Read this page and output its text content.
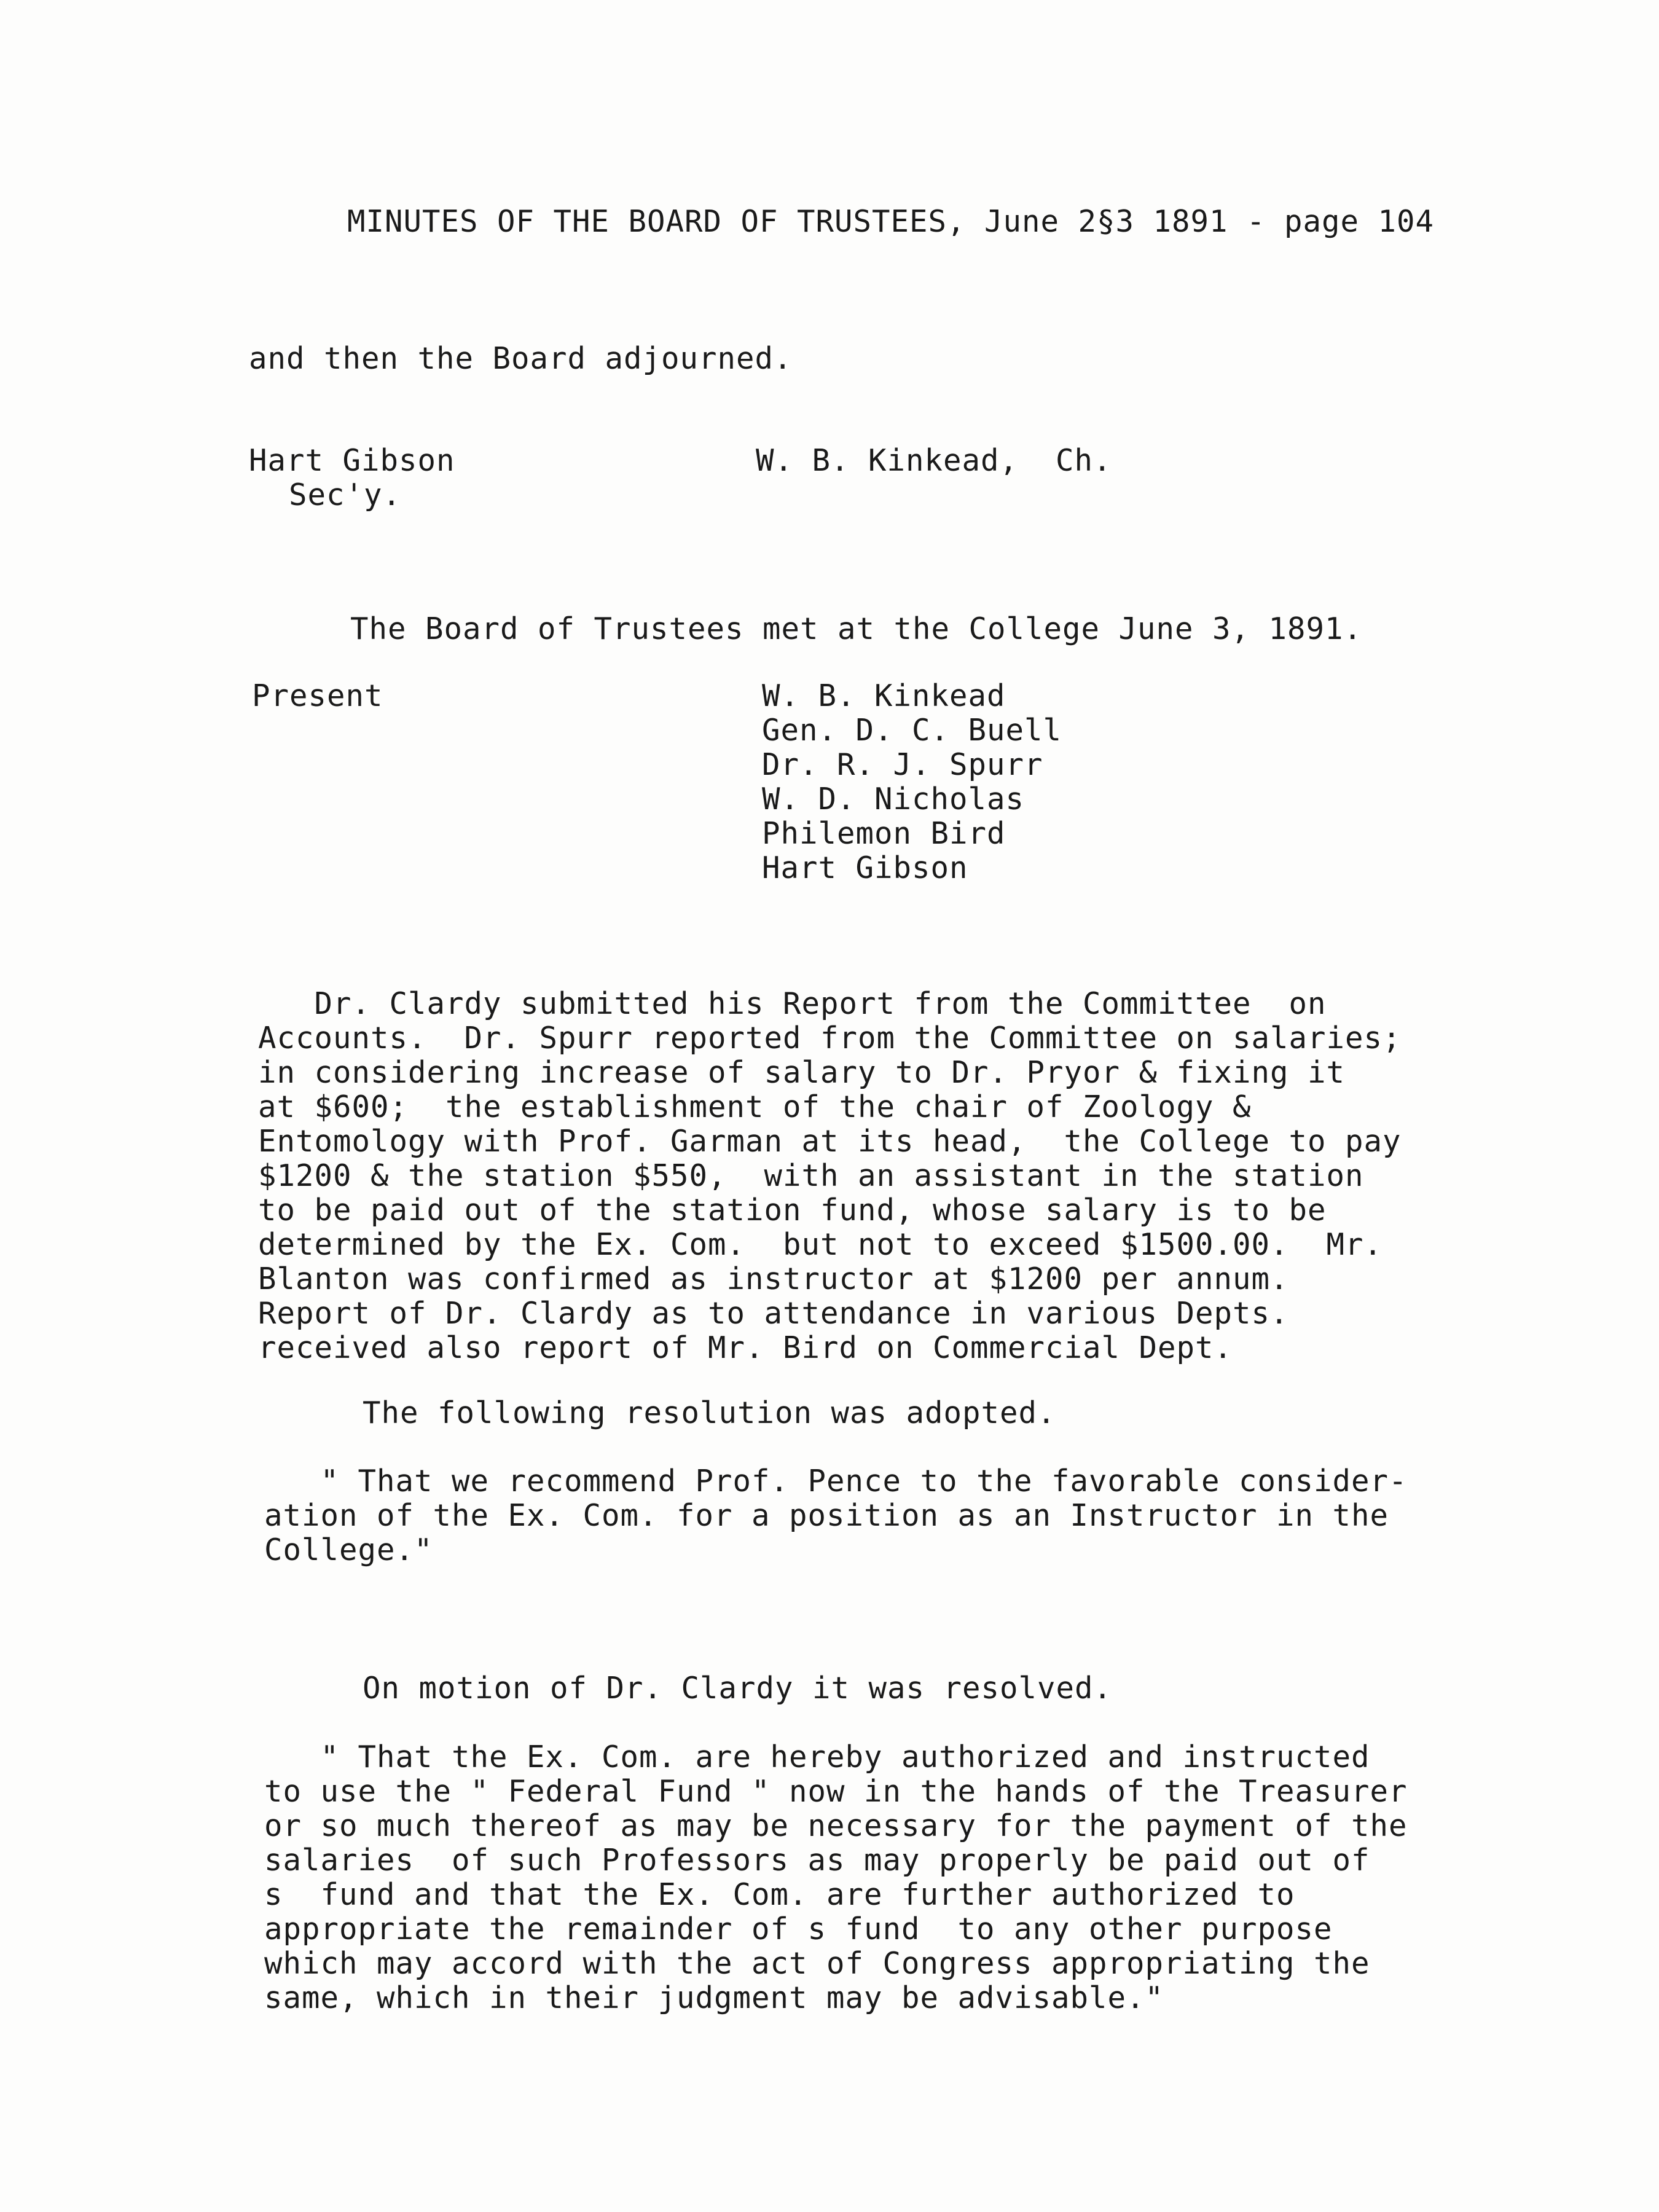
MINUTES OF THE BOARD OF TRUSTEES, June 2§3 1891 - page 104

and then the Board adjourned.

Hart Gibson

Sec'y.

W. B. Kinkead,  Ch.

The Board of Trustees met at the College June 3, 1891.

Present	W. B. Kinkead

Gen. D. C. Buell

Dr. R. J. Spurr

W. D. Nicholas

Philemon Bird

Hart Gibson

Dr. Clardy submitted his Report from the Committee  on
Accounts.  Dr. Spurr reported from the Committee on salaries;
in considering increase of salary to Dr. Pryor & fixing it
at $600;  the establishment of the chair of Zoology &
Entomology with Prof. Garman at its head,  the College to pay
$1200 & the station $550,  with an assistant in the station
to be paid out of the station fund, whose salary is to be
determined by the Ex. Com.  but not to exceed $1500.00.  Mr.
Blanton was confirmed as instructor at $1200 per annum.
Report of Dr. Clardy as to attendance in various Depts.
received also report of Mr. Bird on Commercial Dept.

The following resolution was adopted.

" That we recommend Prof. Pence to the favorable consider-
ation of the Ex. Com. for a position as an Instructor in the
College."

On motion of Dr. Clardy it was resolved.

" That the Ex. Com. are hereby authorized and instructed
to use the " Federal Fund " now in the hands of the Treasurer
or so much thereof as may be necessary for the payment of the
salaries  of such Professors as may properly be paid out of
s  fund and that the Ex. Com. are further authorized to
appropriate the remainder of s fund  to any other purpose
which may accord with the act of Congress appropriating the
same, which in their judgment may be advisable."
